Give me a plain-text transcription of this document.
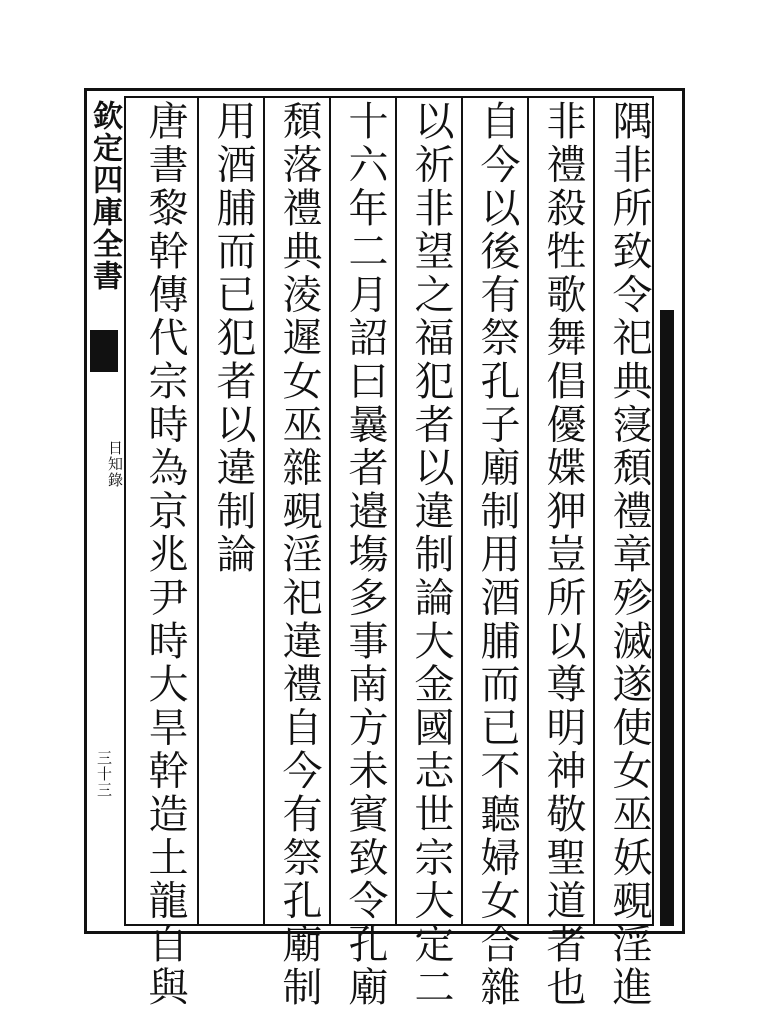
欽定四庫全書
日知錄
三十三	隅非所致令祀典寖頹禮章殄滅遂使女巫妖覡淫進
非禮殺牲歌舞倡優媟狎豈所以尊明神敬聖道者也
自今以後有祭孔子廟制用酒脯而已不聽婦女合雜
以祈非望之福犯者以違制論大金國志世宗大定二
十六年二月詔曰曩者邉塲多事南方未賓致令孔廟
頹落禮典淩遲女巫雜覡淫祀違禮自今有祭孔廟制
用酒脯而已犯者以違制論
唐書黎幹傳代宗時為京兆尹時大旱幹造土龍自與
